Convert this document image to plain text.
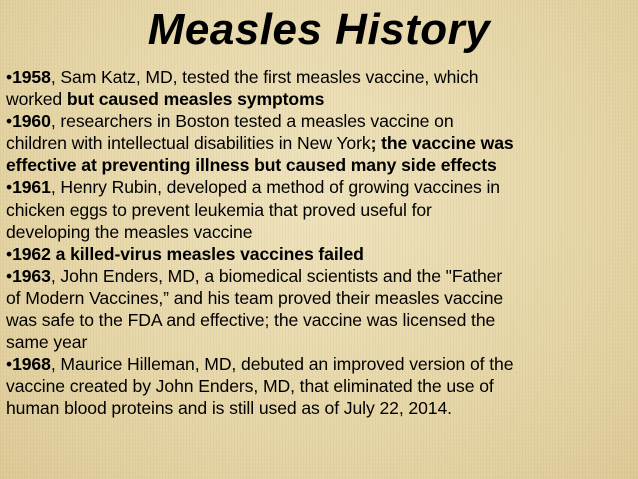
Measles History
•1958, Sam Katz, MD, tested the first measles vaccine, which
worked but caused measles symptoms
•1960, researchers in Boston tested a measles vaccine on
children with intellectual disabilities in New York; the vaccine was
effective at preventing illness but caused many side effects
•1961, Henry Rubin, developed a method of growing vaccines in
chicken eggs to prevent leukemia that proved useful for
developing the measles vaccine
•1962 a killed-virus measles vaccines failed
•1963, John Enders, MD, a biomedical scientists and the "Father
of Modern Vaccines,” and his team proved their measles vaccine
was safe to the FDA and effective; the vaccine was licensed the
same year
•1968, Maurice Hilleman, MD, debuted an improved version of the
vaccine created by John Enders, MD, that eliminated the use of
human blood proteins and is still used as of July 22, 2014.
